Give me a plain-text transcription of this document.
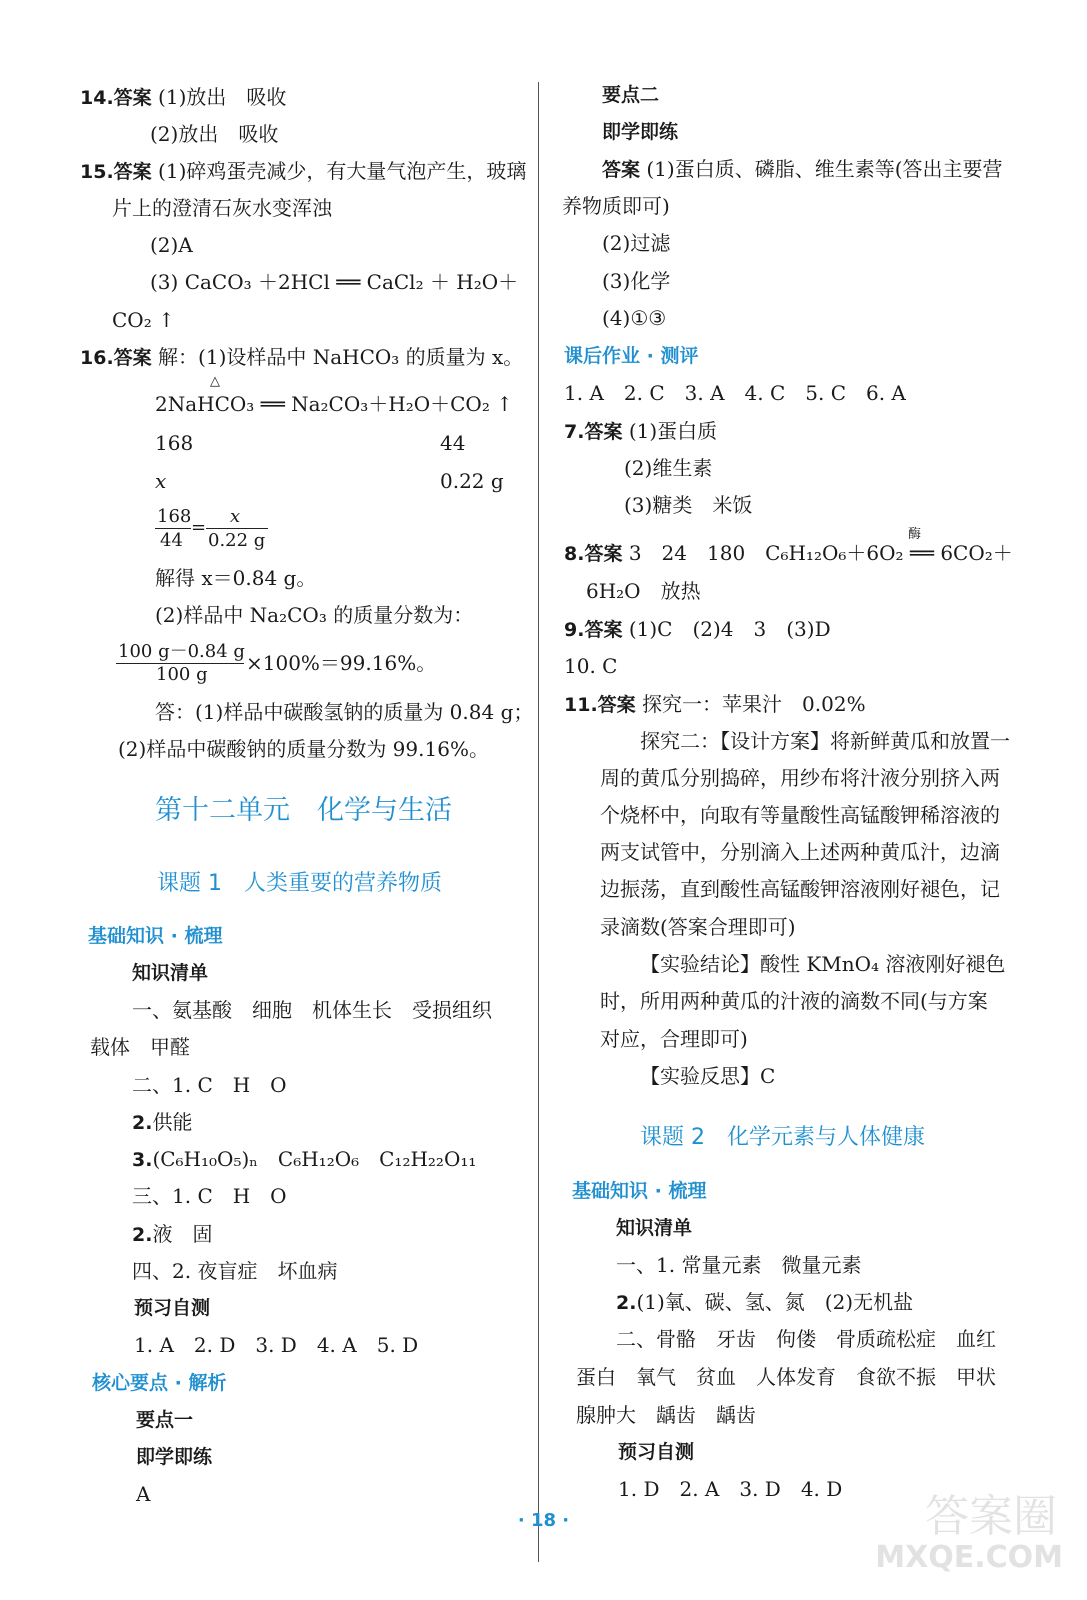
14.答案 (1)放出　吸收
(2)放出　吸收
15.答案 (1)碎鸡蛋壳减少，有大量气泡产生，玻璃
片上的澄清石灰水变浑浊
(2)A
(3) CaCO₃ ＋2HCl ══ CaCl₂ ＋ H₂O＋
CO₂ ↑
16.答案 解：(1)设样品中 NaHCO₃ 的质量为 x。
△
2NaHCO₃ ══ Na₂CO₃＋H₂O＋CO₂ ↑
168	44
x	0.22 g
168
44
=
x
0.22 g
解得 x＝0.84 g。
(2)样品中 Na₂CO₃ 的质量分数为：
100 g－0.84 g
100 g ×100%＝99.16%。
答：(1)样品中碳酸氢钠的质量为 0.84 g；
(2)样品中碳酸钠的质量分数为 99.16%。
第十二单元　化学与生活
课题 1　人类重要的营养物质
基础知识 · 梳理
知识清单
一、氨基酸　细胞　机体生长　受损组织
载体　甲醛
二、1. C　H　O
2.供能
3.(C₆H₁₀O₅)ₙ　C₆H₁₂O₆　C₁₂H₂₂O₁₁
三、1. C　H　O
2.液　固
四、2. 夜盲症　坏血病
预习自测
1. A　2. D　3. D　4. A　5. D
核心要点 · 解析
要点一
即学即练
A
要点二
即学即练
答案 (1)蛋白质、磷脂、维生素等(答出主要营
养物质即可)
(2)过滤
(3)化学
(4)①③
课后作业 · 测评
1. A　2. C　3. A　4. C　5. C　6. A
7.答案 (1)蛋白质
(2)维生素
(3)糖类　米饭
酶
8.答案 3　24　180　C₆H₁₂O₆＋6O₂ ══ 6CO₂＋
6H₂O　放热
9.答案 (1)C　(2)4　3　(3)D
10. C
11.答案 探究一：苹果汁　0.02%
探究二：【设计方案】将新鲜黄瓜和放置一
周的黄瓜分别捣碎，用纱布将汁液分别挤入两
个烧杯中，向取有等量酸性高锰酸钾稀溶液的
两支试管中，分别滴入上述两种黄瓜汁，边滴
边振荡，直到酸性高锰酸钾溶液刚好褪色，记
录滴数(答案合理即可)
【实验结论】酸性 KMnO₄ 溶液刚好褪色
时，所用两种黄瓜的汁液的滴数不同(与方案
对应，合理即可)
【实验反思】C
课题 2　化学元素与人体健康
基础知识 · 梳理
知识清单
一、1. 常量元素　微量元素
2.(1)氧、碳、氢、氮　(2)无机盐
二、骨骼　牙齿　佝偻　骨质疏松症　血红
蛋白　氧气　贫血　人体发育　食欲不振　甲状
腺肿大　龋齿　龋齿
预习自测
1. D　2. A　3. D　4. D
· 18 ·	答案圈
MXQE.COM
